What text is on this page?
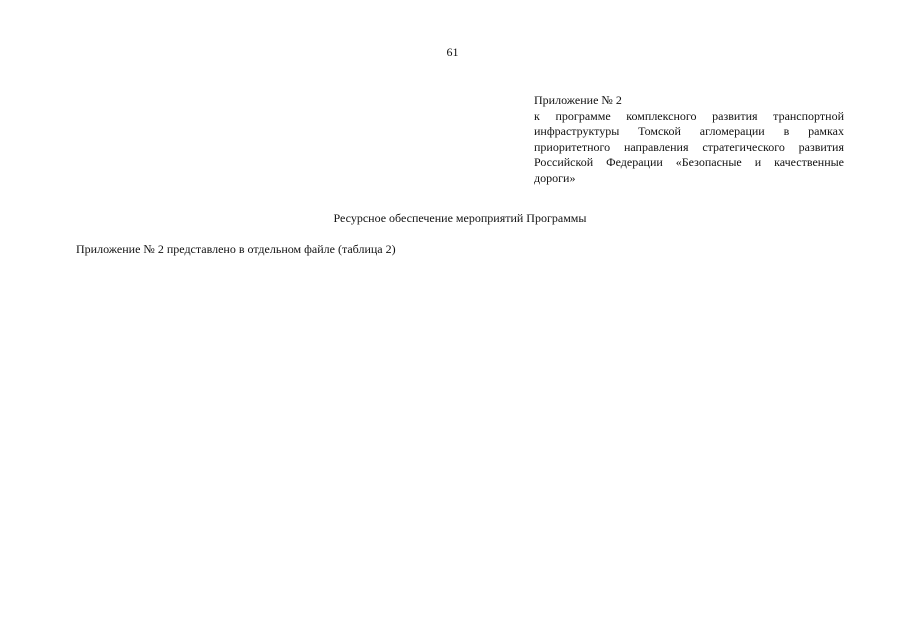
61
Приложение № 2
к программе комплексного развития транспортной инфраструктуры Томской агломерации в рамках приоритетного направления стратегического развития Российской Федерации «Безопасные и качественные дороги»
Ресурсное обеспечение мероприятий Программы
Приложение № 2 представлено в отдельном файле (таблица 2)
